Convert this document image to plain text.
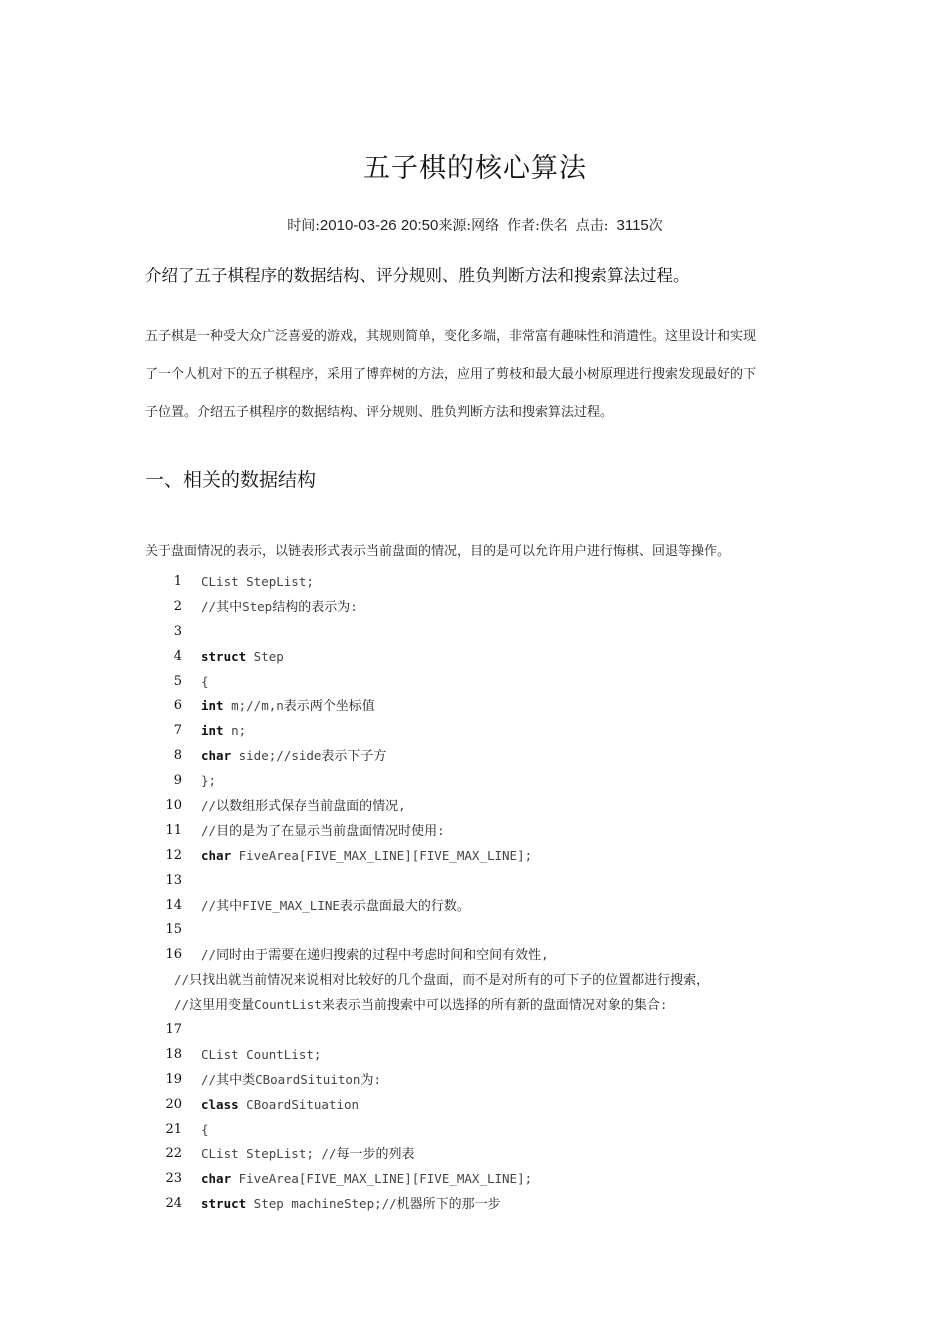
五子棋的核心算法
时间:2010-03-26 20:50来源:网络 作者:佚名 点击: 3115次
介绍了五子棋程序的数据结构、评分规则、胜负判断方法和搜索算法过程。

五子棋是一种受大众广泛喜爱的游戏，其规则简单，变化多端，非常富有趣味性和消遣性。这里设计和实现

了一个人机对下的五子棋程序，采用了博弈树的方法，应用了剪枝和最大最小树原理进行搜索发现最好的下

子位置。介绍五子棋程序的数据结构、评分规则、胜负判断方法和搜索算法过程。

一、相关的数据结构
关于盘面情况的表示，以链表形式表示当前盘面的情况，目的是可以允许用户进行悔棋、回退等操作。
1 CList StepList;
2 //其中Step结构的表示为:
3
4 struct Step
5 {
6 int m;//m,n表示两个坐标值
7 int n;
8 char side;//side表示下子方
9 };
10 //以数组形式保存当前盘面的情况,
11 //目的是为了在显示当前盘面情况时使用:
12 char FiveArea[FIVE_MAX_LINE][FIVE_MAX_LINE];
13
14 //其中FIVE_MAX_LINE表示盘面最大的行数。
15
16 //同时由于需要在递归搜索的过程中考虑时间和空间有效性,
//只找出就当前情况来说相对比较好的几个盘面，而不是对所有的可下子的位置都进行搜索，
//这里用变量CountList来表示当前搜索中可以选择的所有新的盘面情况对象的集合:
17
18 CList CountList;
19 //其中类CBoardSituiton为:
20 class CBoardSituation
21 {
22 CList StepList; //每一步的列表
23 char FiveArea[FIVE_MAX_LINE][FIVE_MAX_LINE];
24 struct Step machineStep;//机器所下的那一步
